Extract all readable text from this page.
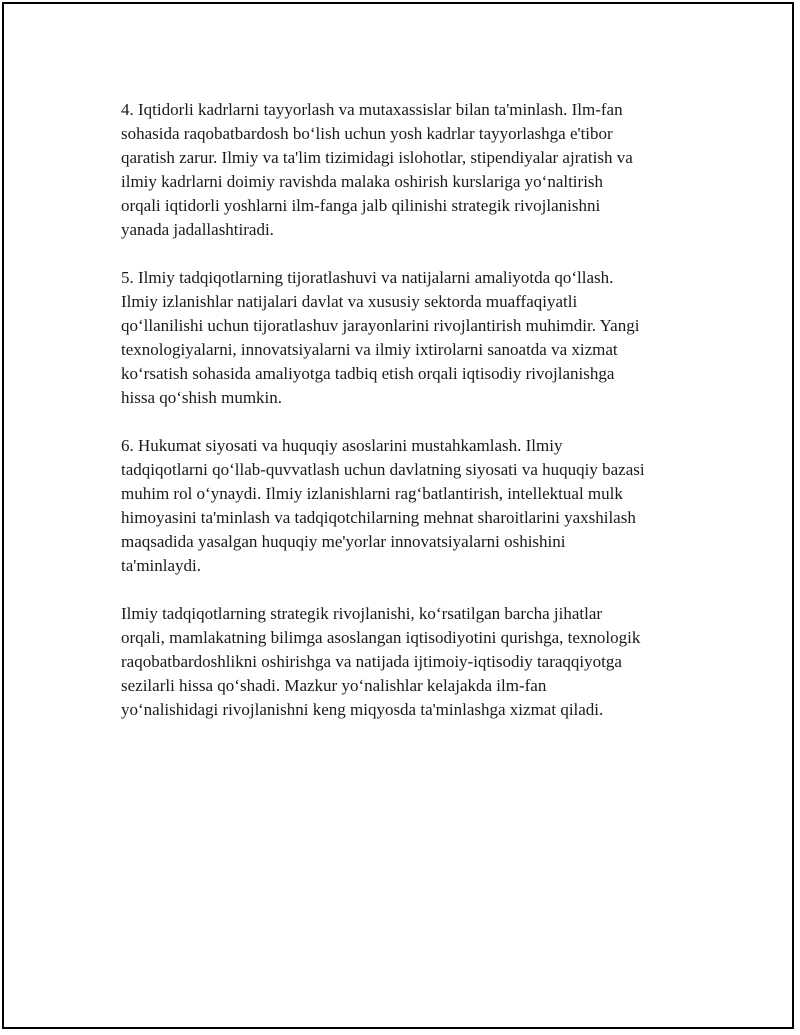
4. Iqtidorli kadrlarni tayyorlash va mutaxassislar bilan ta'minlash. Ilm-fan
sohasida raqobatbardosh bo‘lish uchun yosh kadrlar tayyorlashga e'tibor
qaratish zarur. Ilmiy va ta'lim tizimidagi islohotlar, stipendiyalar ajratish va
ilmiy kadrlarni doimiy ravishda malaka oshirish kurslariga yo‘naltirish
orqali iqtidorli yoshlarni ilm-fanga jalb qilinishi strategik rivojlanishni
yanada jadallashtiradi.

5. Ilmiy tadqiqotlarning tijoratlashuvi va natijalarni amaliyotda qo‘llash.
Ilmiy izlanishlar natijalari davlat va xususiy sektorda muaffaqiyatli
qo‘llanilishi uchun tijoratlashuv jarayonlarini rivojlantirish muhimdir. Yangi
texnologiyalarni, innovatsiyalarni va ilmiy ixtirolarni sanoatda va xizmat
ko‘rsatish sohasida amaliyotga tadbiq etish orqali iqtisodiy rivojlanishga
hissa qo‘shish mumkin.

6. Hukumat siyosati va huquqiy asoslarini mustahkamlash. Ilmiy
tadqiqotlarni qo‘llab-quvvatlash uchun davlatning siyosati va huquqiy bazasi
muhim rol o‘ynaydi. Ilmiy izlanishlarni rag‘batlantirish, intellektual mulk
himoyasini ta'minlash va tadqiqotchilarning mehnat sharoitlarini yaxshilash
maqsadida yasalgan huquqiy me'yorlar innovatsiyalarni oshishini
ta'minlaydi.

Ilmiy tadqiqotlarning strategik rivojlanishi, ko‘rsatilgan barcha jihatlar
orqali, mamlakatning bilimga asoslangan iqtisodiyotini qurishga, texnologik
raqobatbardoshlikni oshirishga va natijada ijtimoiy-iqtisodiy taraqqiyotga
sezilarli hissa qo‘shadi. Mazkur yo‘nalishlar kelajakda ilm-fan
yo‘nalishidagi rivojlanishni keng miqyosda ta'minlashga xizmat qiladi.
